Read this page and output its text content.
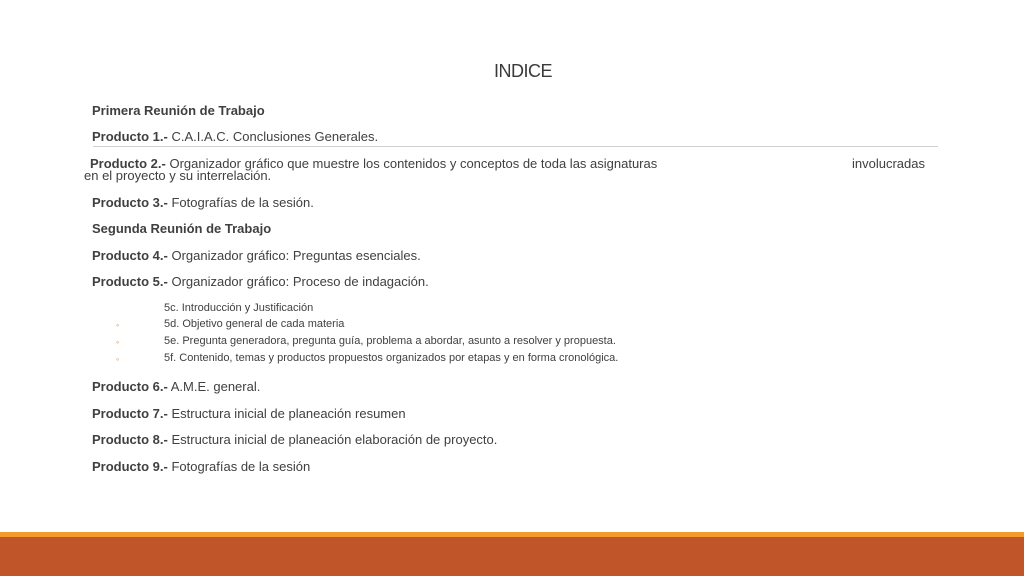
INDICE
Primera Reunión de Trabajo
Producto 1.- C.A.I.A.C. Conclusiones Generales.
Producto 2.- Organizador gráfico que muestre los contenidos y conceptos de toda las asignaturas	involucradas
en el proyecto y su interrelación.
Producto 3.- Fotografías de la sesión.
Segunda Reunión de Trabajo
Producto 4.- Organizador gráfico: Preguntas esenciales.
Producto 5.- Organizador gráfico: Proceso de indagación.
5c. Introducción y Justificación
◦	5d. Objetivo general de cada materia
◦	5e. Pregunta generadora, pregunta guía, problema a abordar, asunto a resolver y propuesta.
◦	5f. Contenido, temas y productos propuestos organizados por etapas y en forma cronológica.
Producto 6.- A.M.E. general.
Producto 7.- Estructura inicial de planeación resumen
Producto 8.- Estructura inicial de planeación elaboración de proyecto.
Producto 9.- Fotografías de la sesión
